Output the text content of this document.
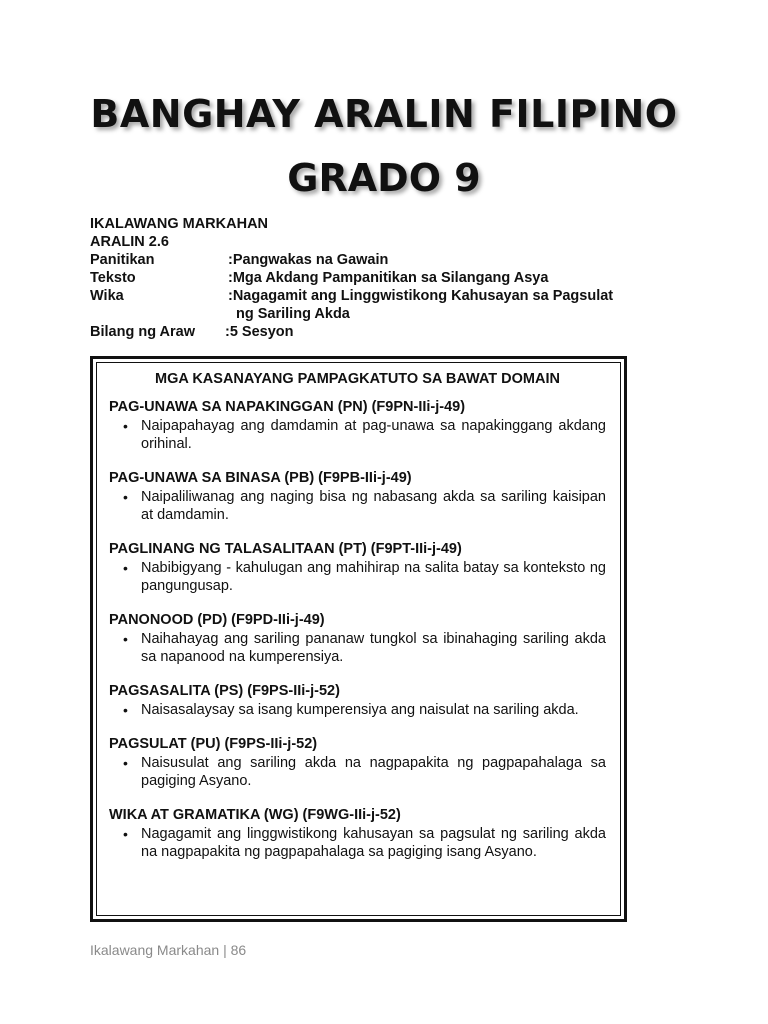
BANGHAY ARALIN FILIPINO
GRADO 9
IKALAWANG MARKAHAN
ARALIN 2.6
Panitikan	:Pangwakas na Gawain
Teksto	:Mga Akdang Pampanitikan sa Silangang Asya
Wika	:Nagagamit ang Linggwistikong Kahusayan sa Pagsulat
ng Sariling Akda
Bilang ng Araw	:5 Sesyon

MGA KASANAYANG PAMPAGKATUTO SA BAWAT DOMAIN

PAG-UNAWA SA NAPAKINGGAN (PN) (F9PN-IIi-j-49)
• Naipapahayag ang damdamin at pag-unawa sa napakinggang akdang orihinal.
PAG-UNAWA SA BINASA (PB) (F9PB-IIi-j-49)
• Naipaliliwanag ang naging bisa ng nabasang akda sa sariling kaisipan at damdamin.
PAGLINANG NG TALASALITAAN (PT) (F9PT-IIi-j-49)
• Nabibigyang - kahulugan ang mahihirap na salita batay sa konteksto ng pangungusap.
PANONOOD (PD) (F9PD-IIi-j-49)
• Naihahayag ang sariling pananaw tungkol sa ibinahaging sariling akda sa napanood na kumperensiya.
PAGSASALITA (PS) (F9PS-IIi-j-52)
• Naisasalaysay sa isang kumperensiya ang naisulat na sariling akda.
PAGSULAT (PU) (F9PS-IIi-j-52)
• Naisusulat ang sariling akda na nagpapakita ng pagpapahalaga sa pagiging Asyano.
WIKA AT GRAMATIKA (WG) (F9WG-IIi-j-52)
• Nagagamit ang linggwistikong kahusayan sa pagsulat ng sariling akda na nagpapakita ng pagpapahalaga sa pagiging isang Asyano.
Ikalawang Markahan | 86
